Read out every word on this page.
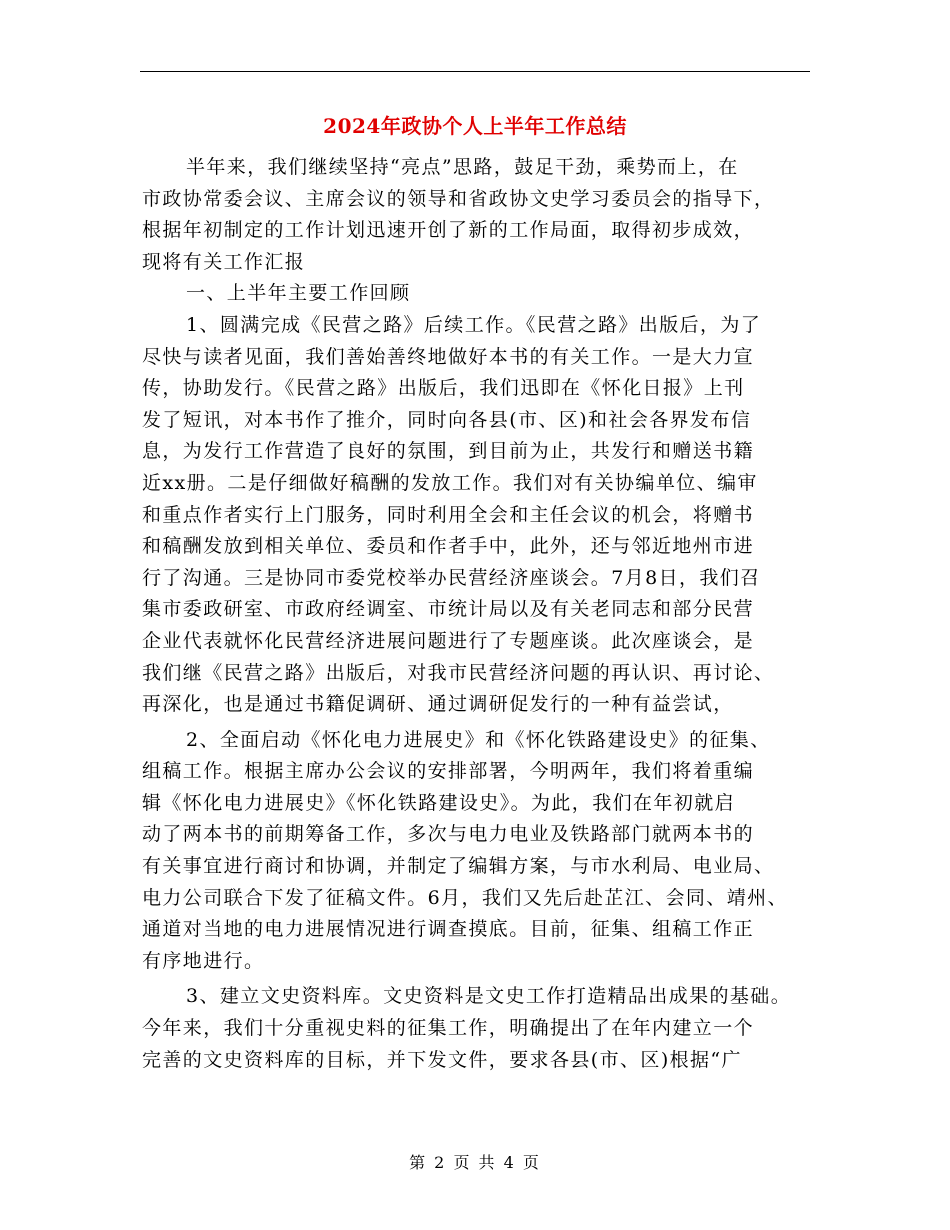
2024年政协个人上半年工作总结
半年来，我们继续坚持“亮点”思路，鼓足干劲，乘势而上，在
市政协常委会议、主席会议的领导和省政协文史学习委员会的指导下，
根据年初制定的工作计划迅速开创了新的工作局面，取得初步成效，
现将有关工作汇报
一、上半年主要工作回顾
1、圆满完成《民营之路》后续工作。《民营之路》出版后，为了
尽快与读者见面，我们善始善终地做好本书的有关工作。一是大力宣
传，协助发行。《民营之路》出版后，我们迅即在《怀化日报》上刊
发了短讯，对本书作了推介，同时向各县(市、区)和社会各界发布信
息，为发行工作营造了良好的氛围，到目前为止，共发行和赠送书籍
近xx册。二是仔细做好稿酬的发放工作。我们对有关协编单位、编审
和重点作者实行上门服务，同时利用全会和主任会议的机会，将赠书
和稿酬发放到相关单位、委员和作者手中，此外，还与邻近地州市进
行了沟通。三是协同市委党校举办民营经济座谈会。7月8日，我们召
集市委政研室、市政府经调室、市统计局以及有关老同志和部分民营
企业代表就怀化民营经济进展问题进行了专题座谈。此次座谈会，是
我们继《民营之路》出版后，对我市民营经济问题的再认识、再讨论、
再深化，也是通过书籍促调研、通过调研促发行的一种有益尝试，
2、全面启动《怀化电力进展史》和《怀化铁路建设史》的征集、
组稿工作。根据主席办公会议的安排部署，今明两年，我们将着重编
辑《怀化电力进展史》《怀化铁路建设史》。为此，我们在年初就启
动了两本书的前期筹备工作，多次与电力电业及铁路部门就两本书的
有关事宜进行商讨和协调，并制定了编辑方案，与市水利局、电业局、
电力公司联合下发了征稿文件。6月，我们又先后赴芷江、会同、靖州、
通道对当地的电力进展情况进行调查摸底。目前，征集、组稿工作正
有序地进行。
3、建立文史资料库。文史资料是文史工作打造精品出成果的基础。
今年来，我们十分重视史料的征集工作，明确提出了在年内建立一个
完善的文史资料库的目标，并下发文件，要求各县(市、区)根据“广
第 2 页 共 4 页
